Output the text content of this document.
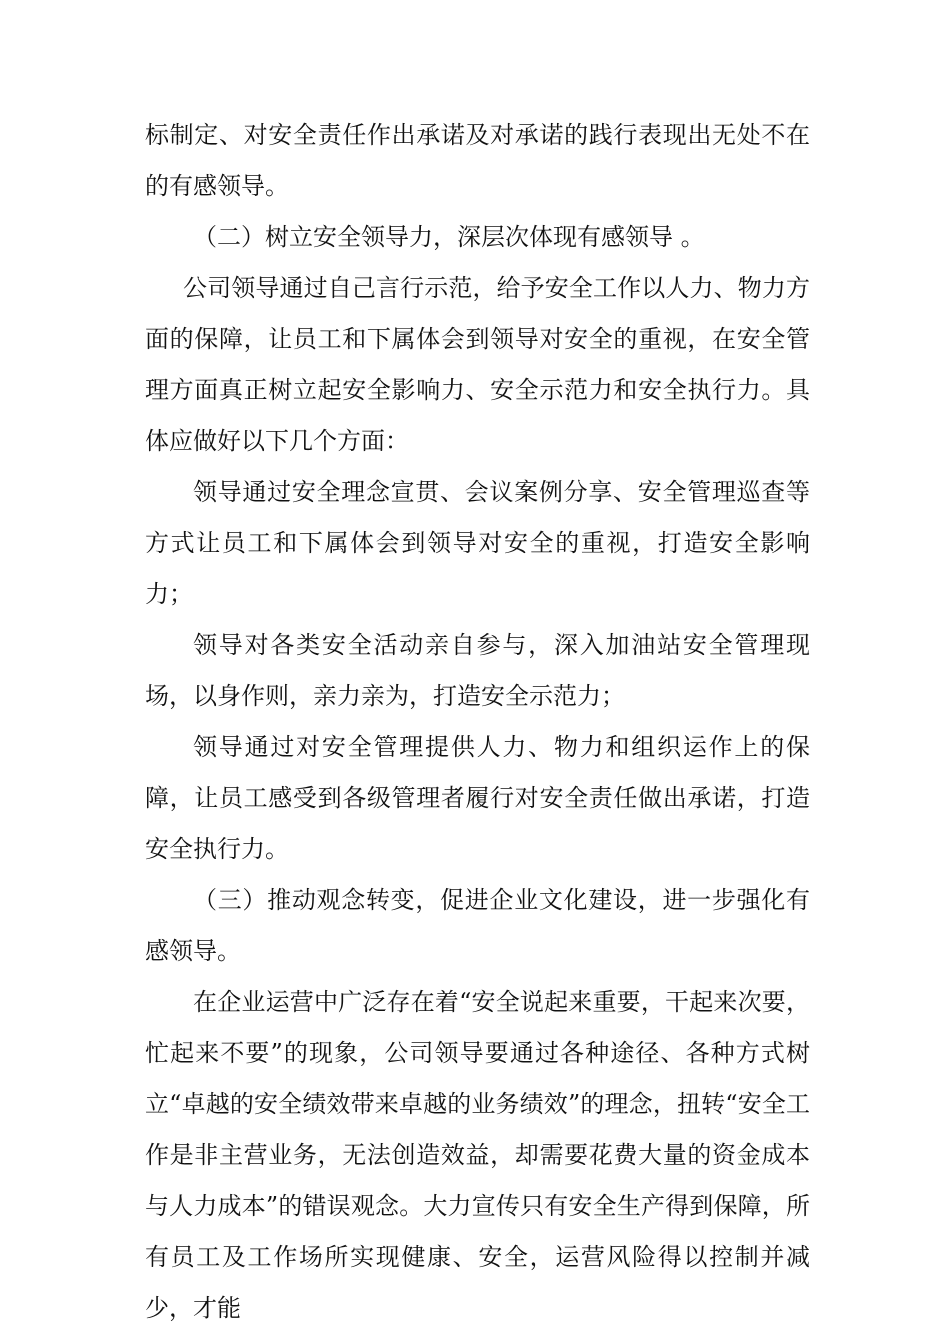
标制定、对安全责任作出承诺及对承诺的践行表现出无处不在的有感领导。

（二）树立安全领导力，深层次体现有感领导 。

公司领导通过自己言行示范，给予安全工作以人力、物力方面的保障，让员工和下属体会到领导对安全的重视，在安全管理方面真正树立起安全影响力、安全示范力和安全执行力。具体应做好以下几个方面：

领导通过安全理念宣贯、会议案例分享、安全管理巡查等方式让员工和下属体会到领导对安全的重视，打造安全影响力；

领导对各类安全活动亲自参与，深入加油站安全管理现场，以身作则，亲力亲为，打造安全示范力；

领导通过对安全管理提供人力、物力和组织运作上的保障，让员工感受到各级管理者履行对安全责任做出承诺，打造安全执行力。

（三）推动观念转变，促进企业文化建设，进一步强化有感领导。

在企业运营中广泛存在着“安全说起来重要，干起来次要，忙起来不要”的现象，公司领导要通过各种途径、各种方式树立“卓越的安全绩效带来卓越的业务绩效”的理念，扭转“安全工作是非主营业务，无法创造效益，却需要花费大量的资金成本与人力成本”的错误观念。大力宣传只有安全生产得到保障，所有员工及工作场所实现健康、安全，运营风险得以控制并减少，才能
